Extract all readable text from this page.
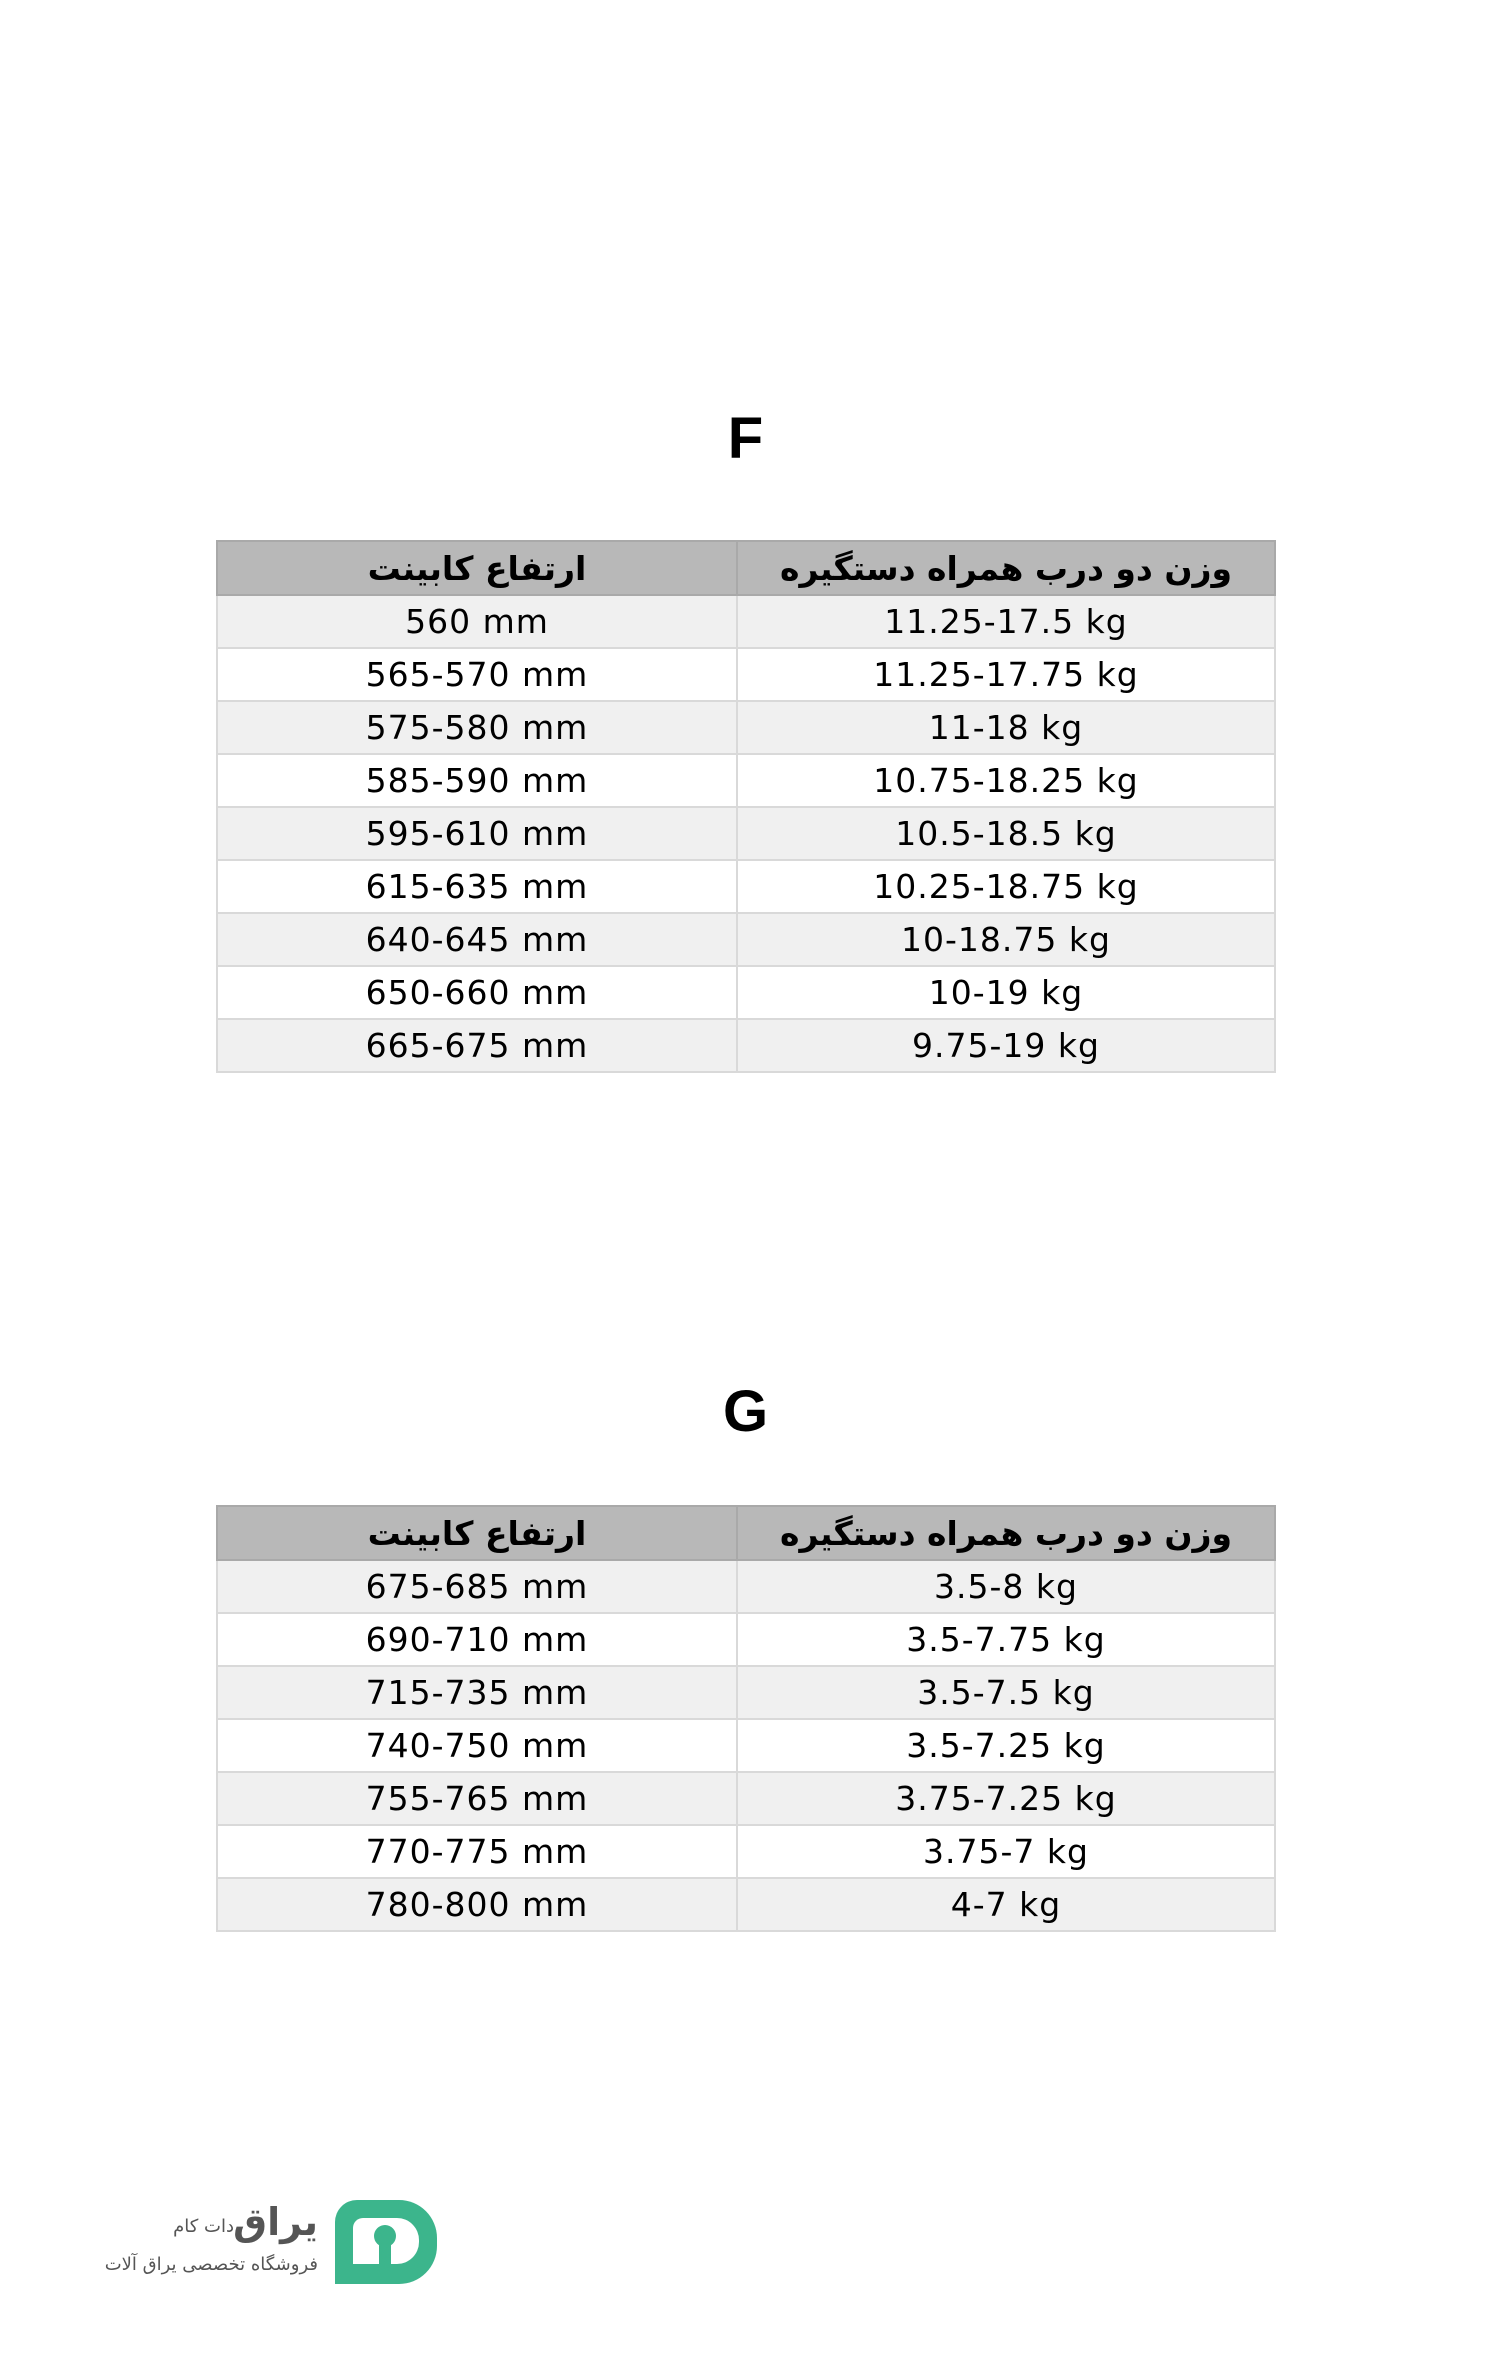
F
ارتفاع کابینت	وزن دو درب همراه دستگیره
560 mm	11.25-17.5 kg
565-570 mm	11.25-17.75 kg
575-580 mm	11-18 kg
585-590 mm	10.75-18.25 kg
595-610 mm	10.5-18.5 kg
615-635 mm	10.25-18.75 kg
640-645 mm	10-18.75 kg
650-660 mm	10-19 kg
665-675 mm	9.75-19 kg
G
ارتفاع کابینت	وزن دو درب همراه دستگیره
675-685 mm	3.5-8 kg
690-710 mm	3.5-7.75 kg
715-735 mm	3.5-7.5 kg
740-750 mm	3.5-7.25 kg
755-765 mm	3.75-7.25 kg
770-775 mm	3.75-7 kg
780-800 mm	4-7 kg
یراق
دات کام
فروشگاه تخصصی یراق آلات
